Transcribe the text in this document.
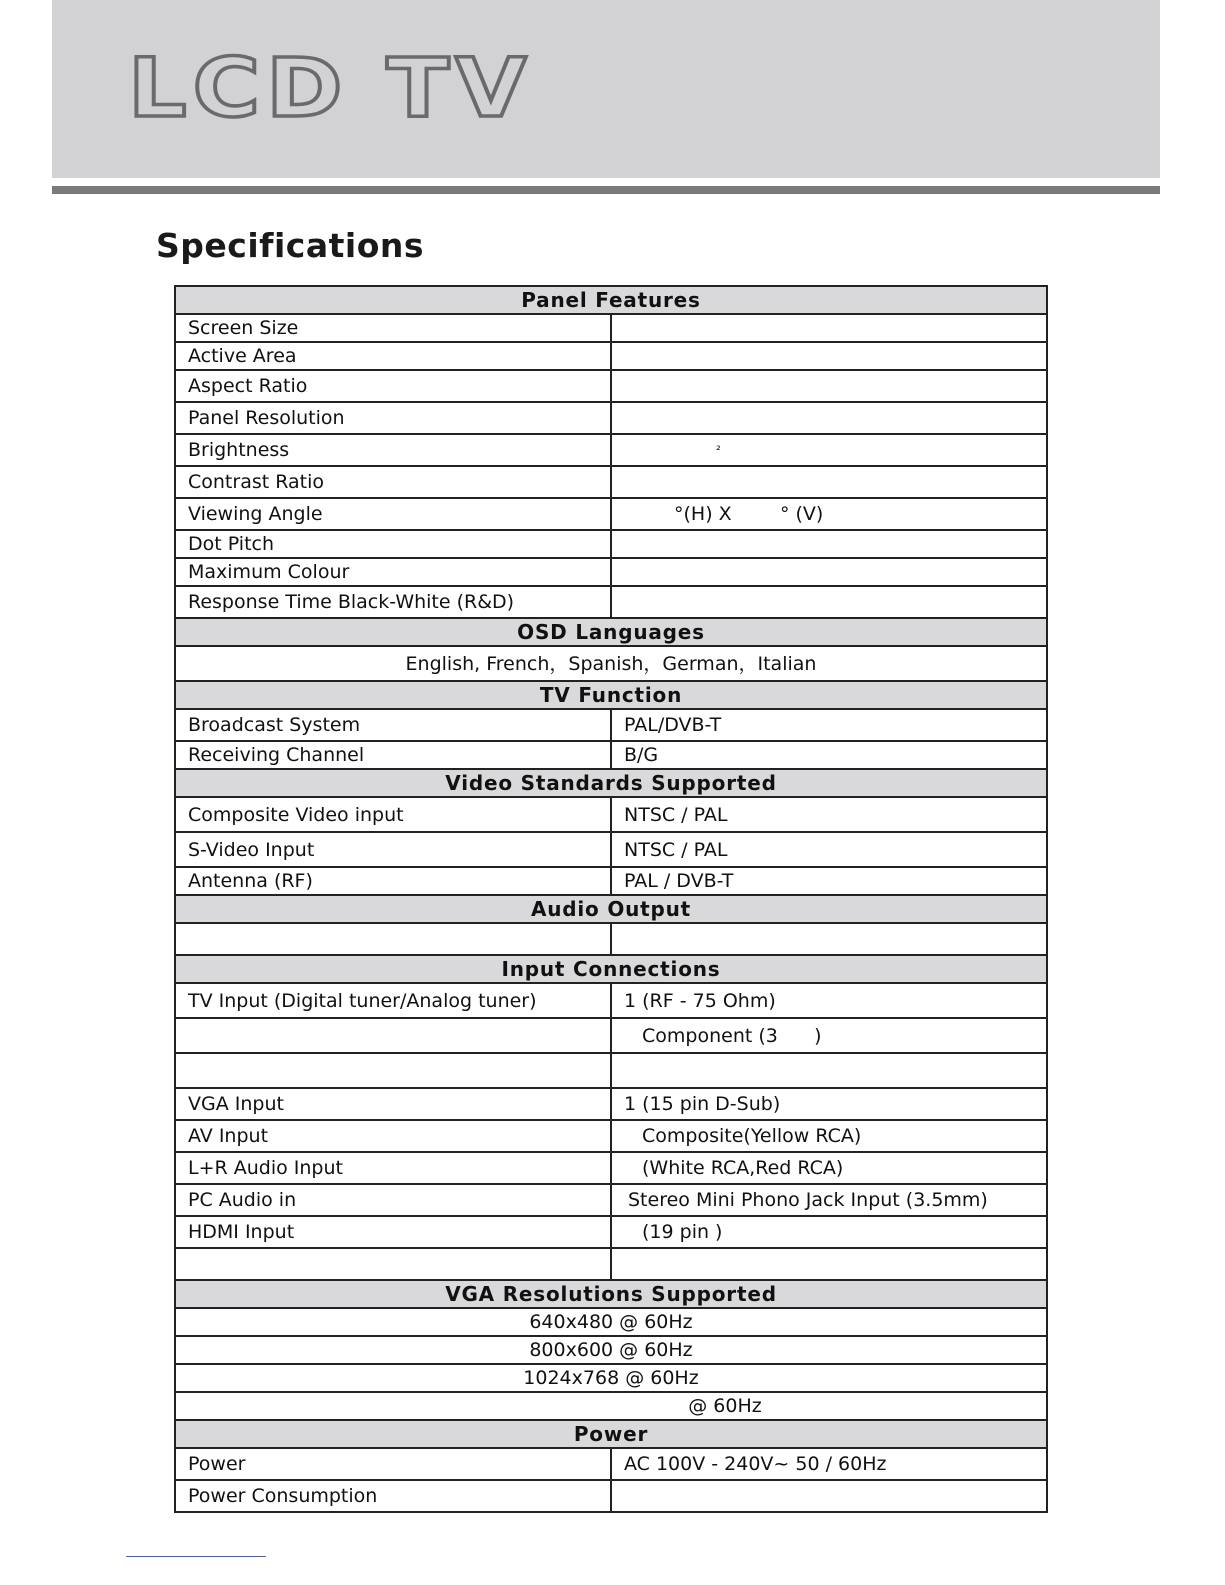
LCD TV
Specifications
Panel Features	
Screen Size	
Active Area	
Aspect Ratio	
Panel Resolution	
Brightness	$^{^2}$
Contrast Ratio	
Viewing Angle	°(H) X        ° (V)
Dot Pitch	
Maximum Colour	
Response Time Black-White (R&D)	
OSD Languages	
English, French，Spanish，German，Italian	
TV Function	
Broadcast System	PAL/DVB-T
Receiving Channel	B/G
Video Standards Supported	
Composite Video input	NTSC / PAL
S-Video Input	NTSC / PAL
Antenna (RF)	PAL / DVB-T
Audio Output	

Input Connections	
TV Input (Digital tuner/Analog tuner)	1 (RF - 75 Ohm)
	Component (3      )

VGA Input	1 (15 pin D-Sub)
AV Input	Composite(Yellow RCA)
L+R Audio Input	(White RCA,Red RCA)
PC Audio in	Stereo Mini Phono Jack Input (3.5mm)
HDMI Input	(19 pin )

VGA Resolutions Supported	
640x480 @ 60Hz	
800x600 @ 60Hz	
1024x768 @ 60Hz	
@ 60Hz	
Power	
Power	AC 100V - 240V~ 50 / 60Hz
Power Consumption	
